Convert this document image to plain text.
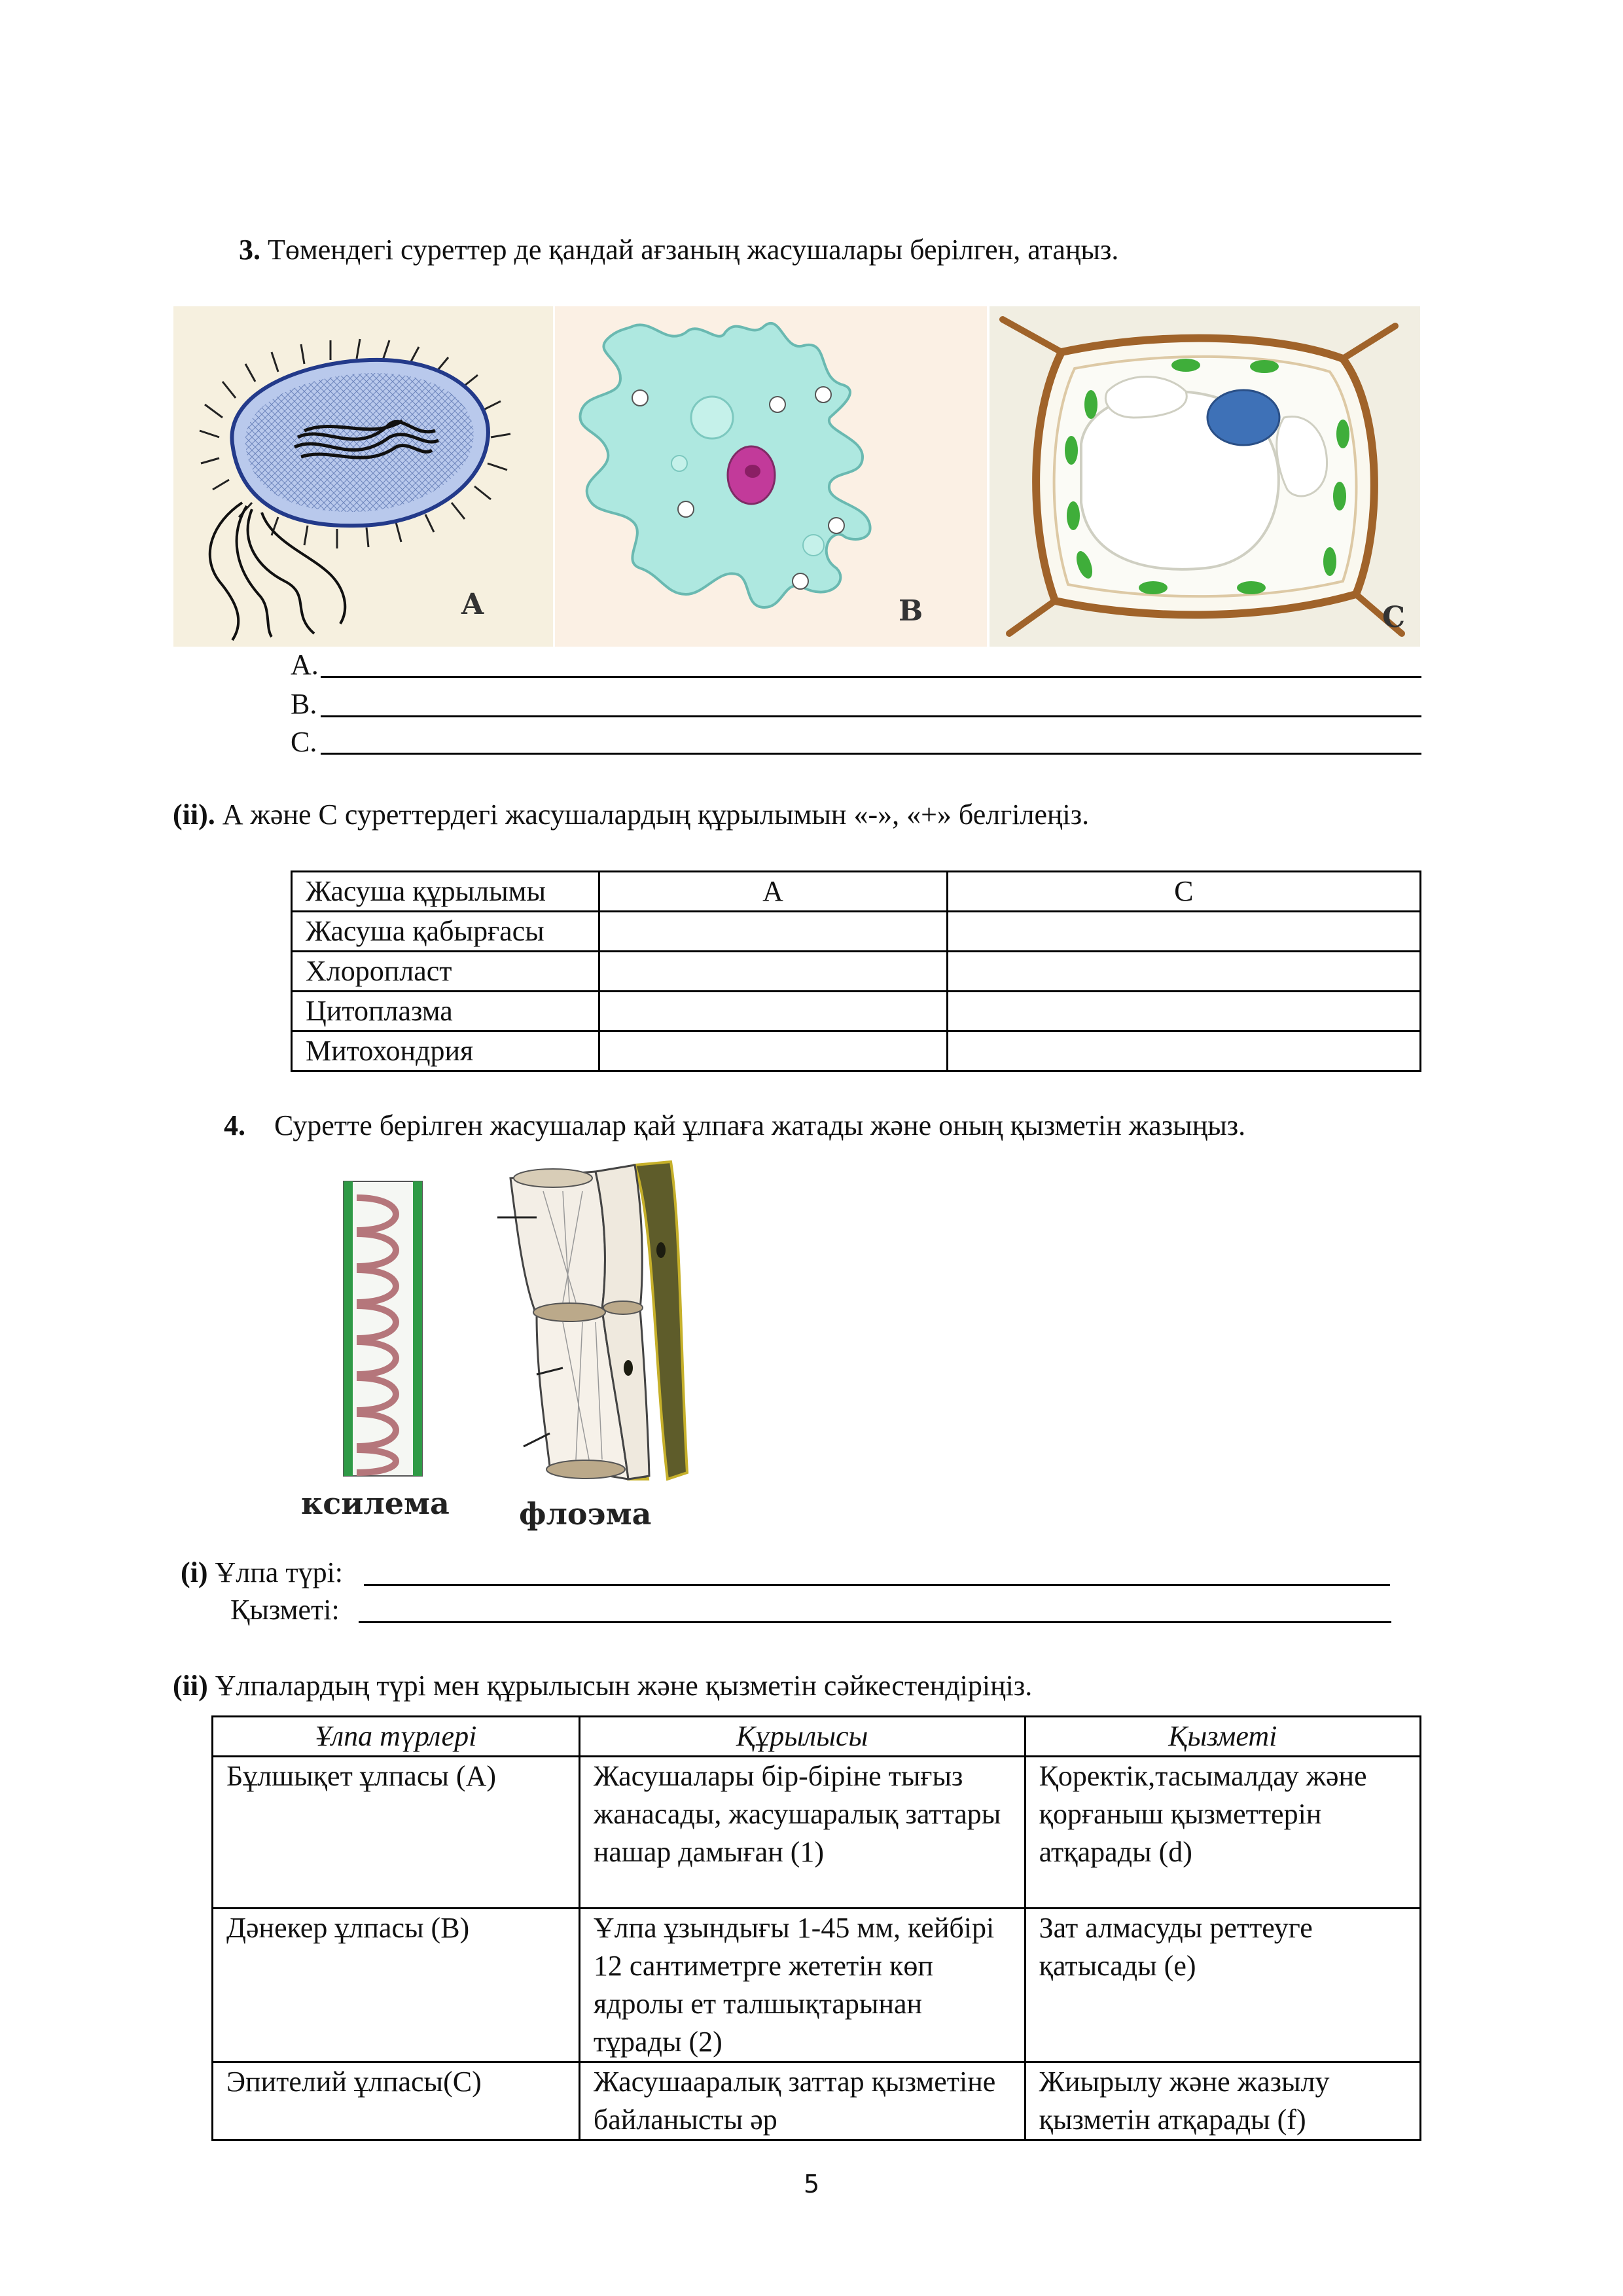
3. Төмендегі суреттер де қандай ағзаның жасушалары берілген, атаңыз.
A	B	C
A.
B.
C.
(ii). А және С суреттердегі жасушалардың құрылымын «-», «+» белгілеңіз.
Жасуша құрылымы	А	С
Жасуша қабырғасы		
Хлоропласт		
Цитоплазма		
Митохондрия		
4. Суретте берілген жасушалар қай ұлпаға жатады және оның қызметін жазыңыз.
ксилема флоэма
(i) Ұлпа түрі:
Қызметі:
(ii) Ұлпалардың түрі мен құрылысын және қызметін сәйкестендіріңіз.
Ұлпа түрлері	Құрылысы	Қызметі
Бұлшықет ұлпасы (A)	Жасушалары бір-біріне тығыз жанасады, жасушаралық заттары нашар дамыған (1)	Қоректік,тасымалдау және қорғаныш қызметтерін атқарады (d)
Дәнекер ұлпасы (B)	Ұлпа ұзындығы 1-45 мм, кейбірі 12 сантиметрге жететін көп ядролы ет талшықтарынан тұрады (2)	Зат алмасуды реттеуге қатысады (e)
Эпителий ұлпасы(C)	Жасушааралық заттар қызметіне байланысты әр	Жиырылу және жазылу қызметін атқарады (f)
5
